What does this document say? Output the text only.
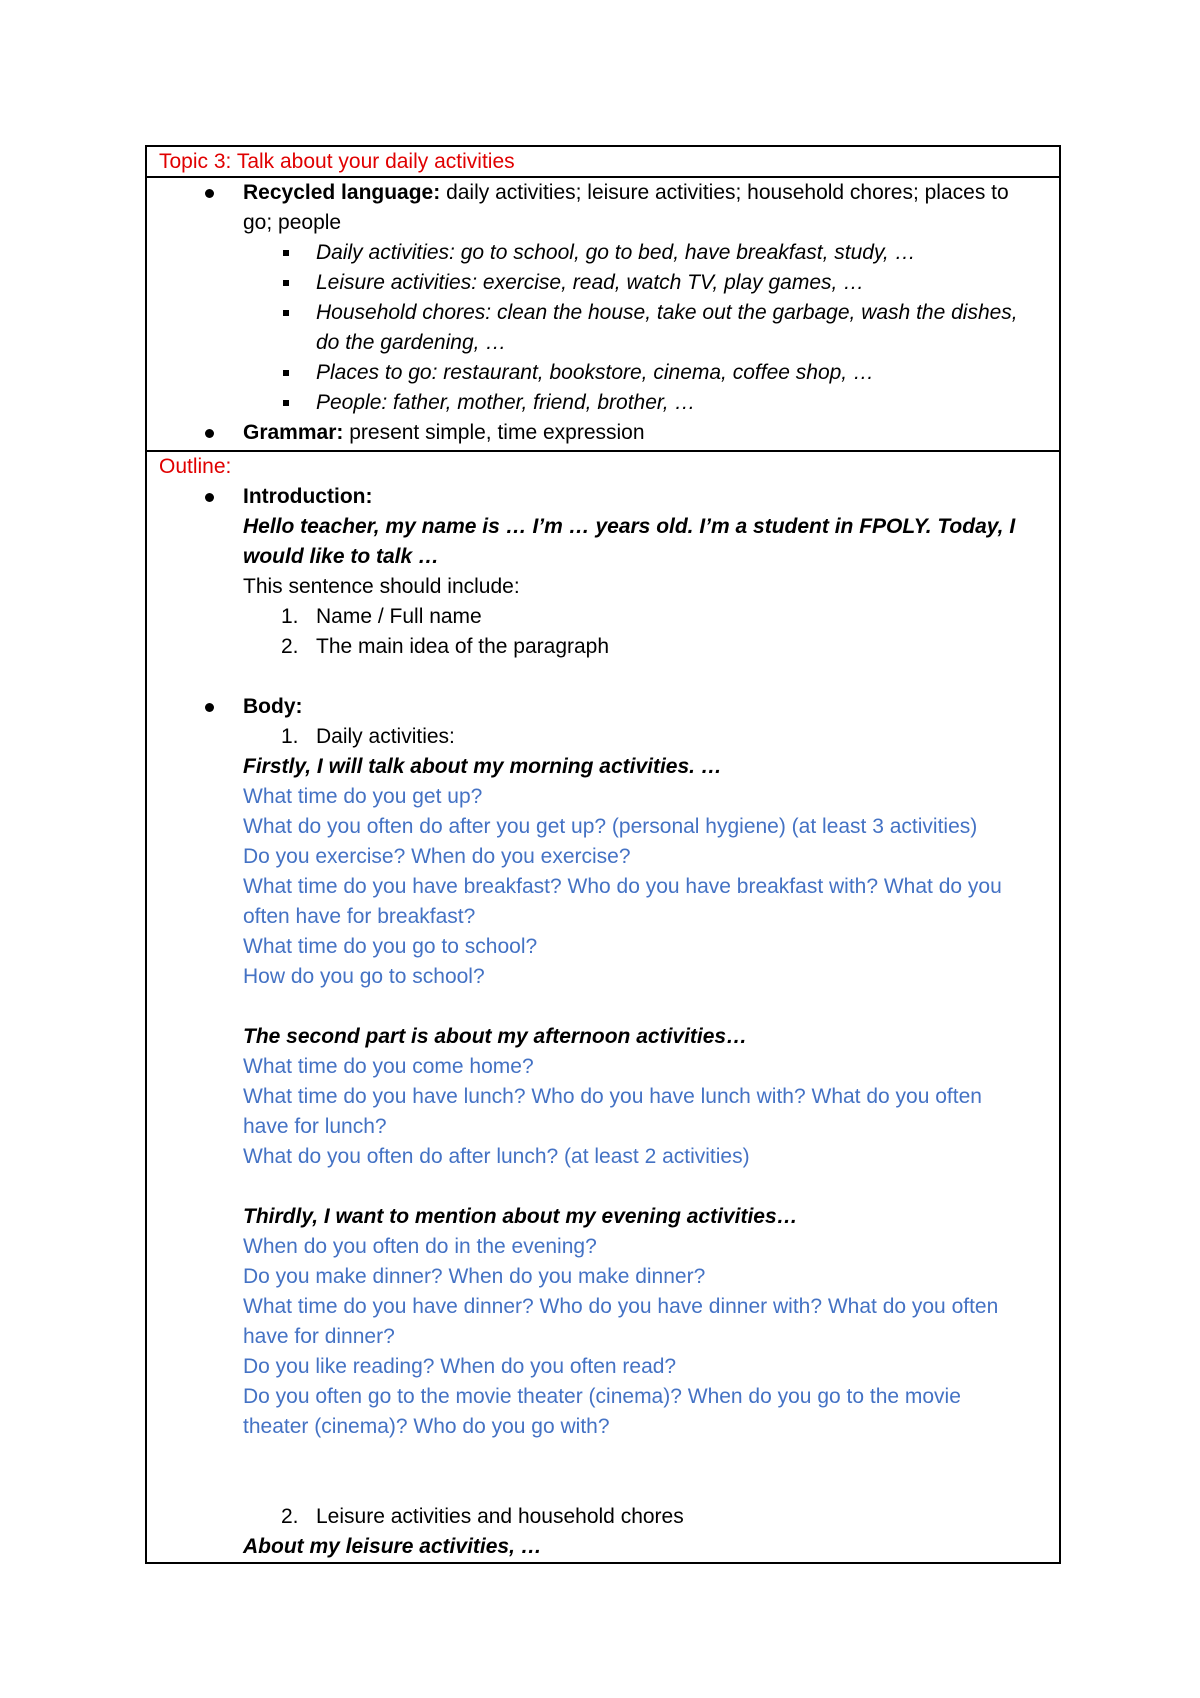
Topic 3: Talk about your daily activities
Recycled language: daily activities; leisure activities; household chores; places to
go; people
Daily activities: go to school, go to bed, have breakfast, study, …
Leisure activities: exercise, read, watch TV, play games, …
Household chores: clean the house, take out the garbage, wash the dishes,
do the gardening, …
Places to go: restaurant, bookstore, cinema, coffee shop, …
People: father, mother, friend, brother, …
Grammar: present simple, time expression
Outline:
Introduction:
Hello teacher, my name is … I’m … years old. I’m a student in FPOLY. Today, I
would like to talk …
This sentence should include:
1. Name / Full name
2. The main idea of the paragraph
Body:
1. Daily activities:
Firstly, I will talk about my morning activities. …
What time do you get up?
What do you often do after you get up? (personal hygiene) (at least 3 activities)
Do you exercise? When do you exercise?
What time do you have breakfast? Who do you have breakfast with? What do you
often have for breakfast?
What time do you go to school?
How do you go to school?
The second part is about my afternoon activities…
What time do you come home?
What time do you have lunch? Who do you have lunch with? What do you often
have for lunch?
What do you often do after lunch? (at least 2 activities)
Thirdly, I want to mention about my evening activities…
When do you often do in the evening?
Do you make dinner? When do you make dinner?
What time do you have dinner? Who do you have dinner with? What do you often
have for dinner?
Do you like reading? When do you often read?
Do you often go to the movie theater (cinema)? When do you go to the movie
theater (cinema)? Who do you go with?
2. Leisure activities and household chores
About my leisure activities, …
